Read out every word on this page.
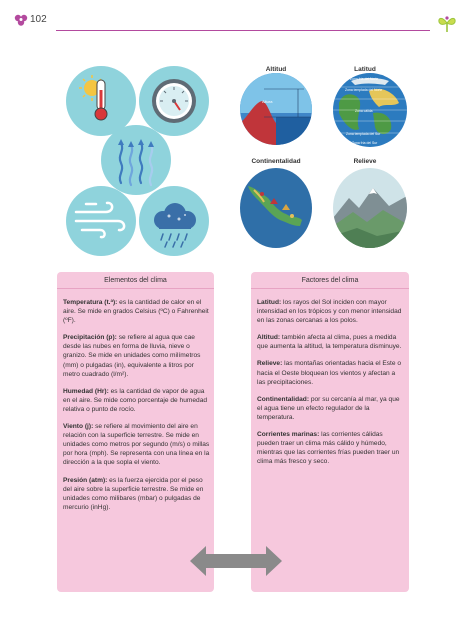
102
Altitud
Altura
Latitud
Zona fría del Norte
Zona templada del Norte
Zona cálida
Zona templada del Sur
Zona fría del Sur
Continentalidad	Relieve
Elementos del clima

Temperatura (t.ª): es la cantidad de calor en el aire. Se mide en grados Celsius (ºC) o Fahrenheit (ºF).

Precipitación (p): se refiere al agua que cae desde las nubes en forma de lluvia, nieve o granizo. Se mide en unidades como milímetros (mm) o pulgadas (in), equivalente a litros por metro cuadrado (l/m²).

Humedad (Hr): es la cantidad de vapor de agua en el aire. Se mide como porcentaje de humedad relativa o punto de rocío.

Viento (j): se refiere al movimiento del aire en relación con la superficie terrestre. Se mide en unidades como metros por segundo (m/s) o millas por hora (mph). Se representa con una línea en la dirección a la que sopla el viento.

Presión (atm): es la fuerza ejercida por el peso del aire sobre la superficie terrestre. Se mide en unidades como milibares (mbar) o pulgadas de mercurio (inHg).

Factores del clima

Latitud: los rayos del Sol inciden con mayor intensidad en los trópicos y con menor intensidad en las zonas cercanas a los polos.

Altitud: también afecta al clima, pues a medida que aumenta la altitud, la temperatura disminuye.

Relieve: las montañas orientadas hacia el Este o hacia el Oeste bloquean los vientos y afectan a las precipitaciones.

Continentalidad: por su cercanía al mar, ya que el agua tiene un efecto regulador de la temperatura.

Corrientes marinas: las corrientes cálidas pueden traer un clima más cálido y húmedo, mientras que las corrientes frías pueden traer un clima más fresco y seco.
